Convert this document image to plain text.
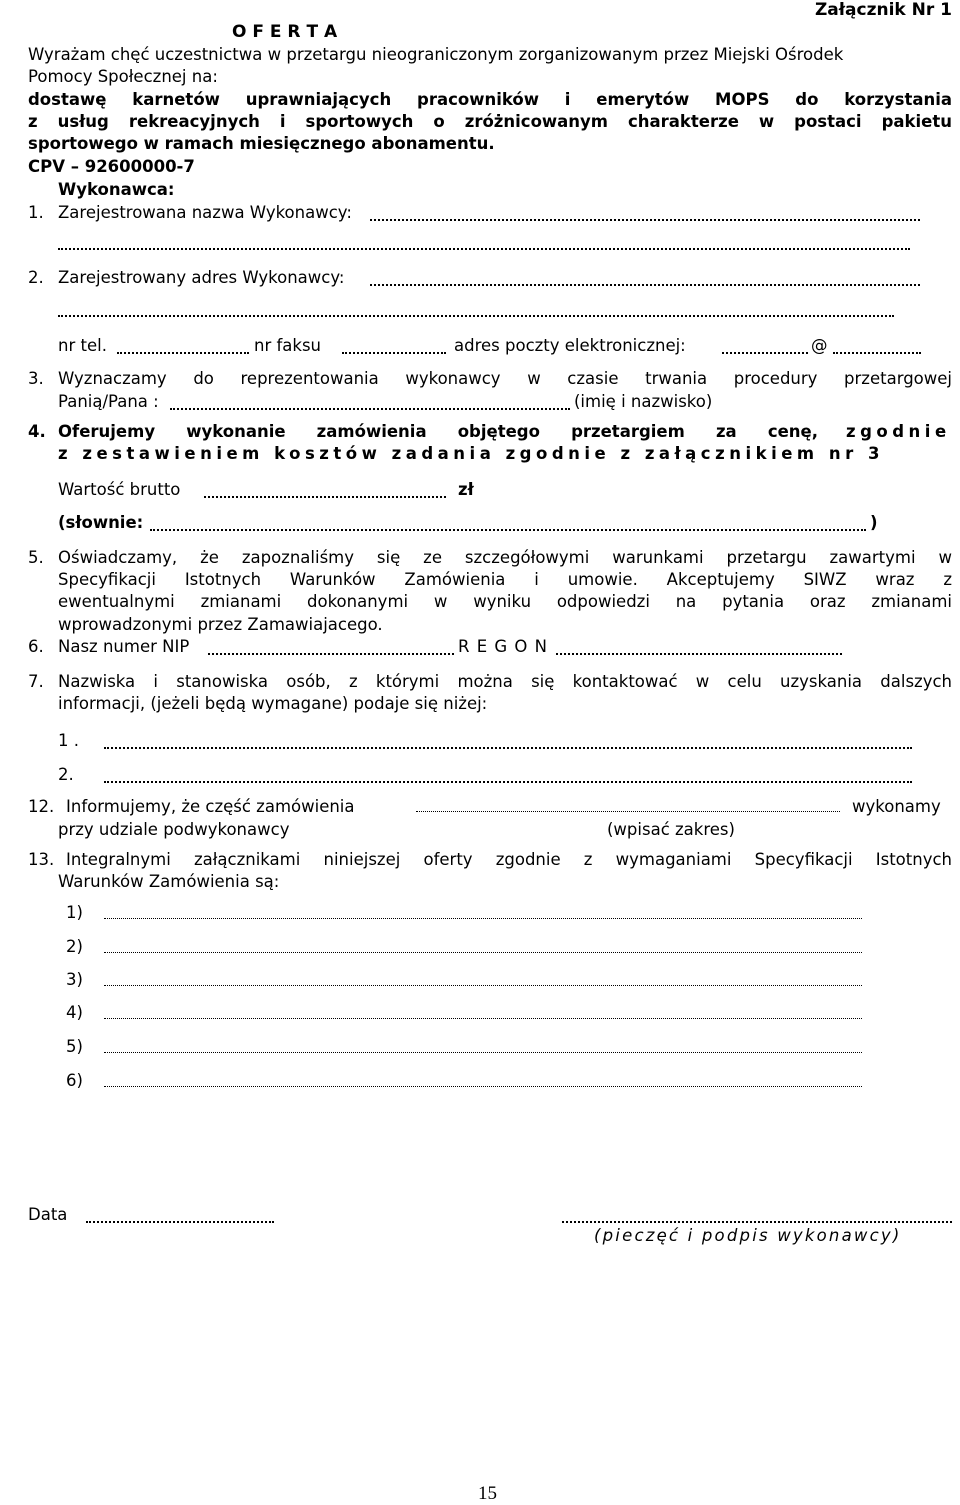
Załącznik Nr 1
O F E R T A
Wyrażam chęć uczestnictwa w przetargu nieograniczonym zorganizowanym przez Miejski Ośrodek
Pomocy Społecznej na:
dostawę karnetów uprawniających pracowników i emerytów MOPS do korzystania
z usług rekreacyjnych i sportowych o zróżnicowanym charakterze w postaci pakietu
sportowego w ramach miesięcznego abonamentu.
CPV – 92600000-7
Wykonawca:
1. Zarejestrowana nazwa Wykonawcy:
2. Zarejestrowany adres Wykonawcy:
nr tel.	nr faksu	adres poczty elektronicznej:	@
3. Wyznaczamy do reprezentowania wykonawcy w czasie trwania procedury przetargowej
Panią/Pana :	(imię i nazwisko)
4. Oferujemy wykonanie zamówienia objętego przetargiem za cenę, zgodnie
z zestawieniem kosztów zadania zgodnie z załącznikiem nr 3
Wartość brutto	zł
(słownie:	)
5. Oświadczamy, że zapoznaliśmy się ze szczegółowymi warunkami przetargu zawartymi w
Specyfikacji Istotnych Warunków Zamówienia i umowie. Akceptujemy SIWZ wraz z
ewentualnymi zmianami dokonanymi w wyniku odpowiedzi na pytania oraz zmianami
wprowadzonymi przez Zamawiajacego.
6. Nasz numer NIP	R E G O N
7. Nazwiska i stanowiska osób, z którymi można się kontaktować w celu uzyskania dalszych
informacji, (jeżeli będą wymagane) podaje się niżej:
1 .
2.
12. Informujemy, że część zamówienia	wykonamy
przy udziale podwykonawcy	(wpisać zakres)
13. Integralnymi załącznikami niniejszej oferty zgodnie z wymaganiami Specyfikacji Istotnych
Warunków Zamówienia są:
1)
2)
3)
4)
5)
6)
Data
(pieczęć i podpis wykonawcy)
15
